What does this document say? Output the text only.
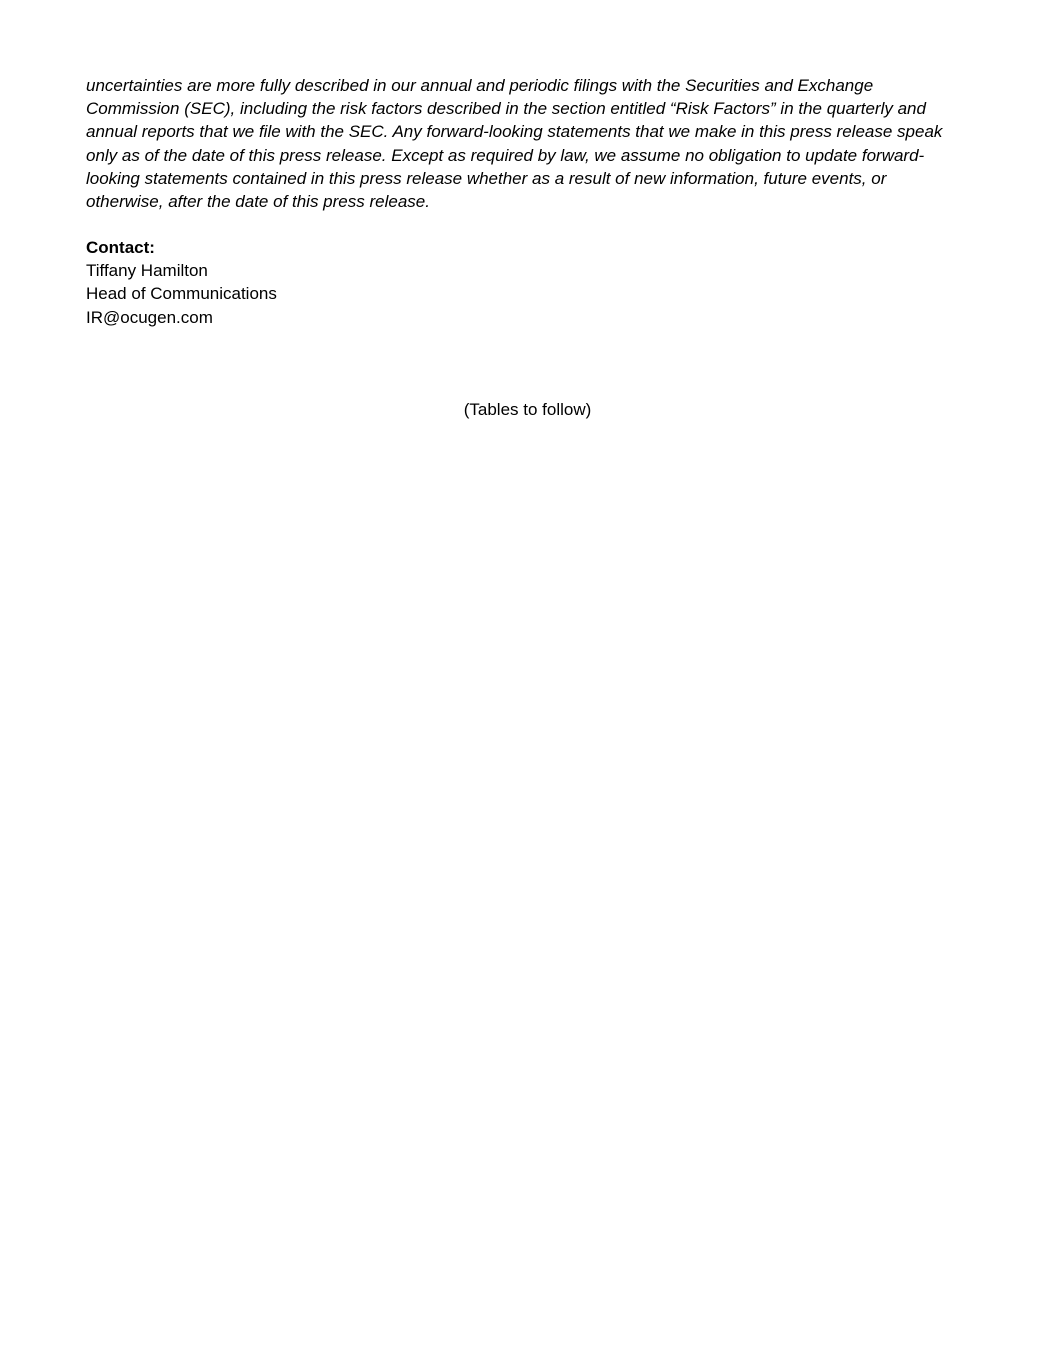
uncertainties are more fully described in our annual and periodic filings with the Securities and Exchange
Commission (SEC), including the risk factors described in the section entitled “Risk Factors” in the quarterly and
annual reports that we file with the SEC. Any forward-looking statements that we make in this press release speak
only as of the date of this press release. Except as required by law, we assume no obligation to update forward-
looking statements contained in this press release whether as a result of new information, future events, or
otherwise, after the date of this press release.

Contact:
Tiffany Hamilton
Head of Communications
IR@ocugen.com

(Tables to follow)
